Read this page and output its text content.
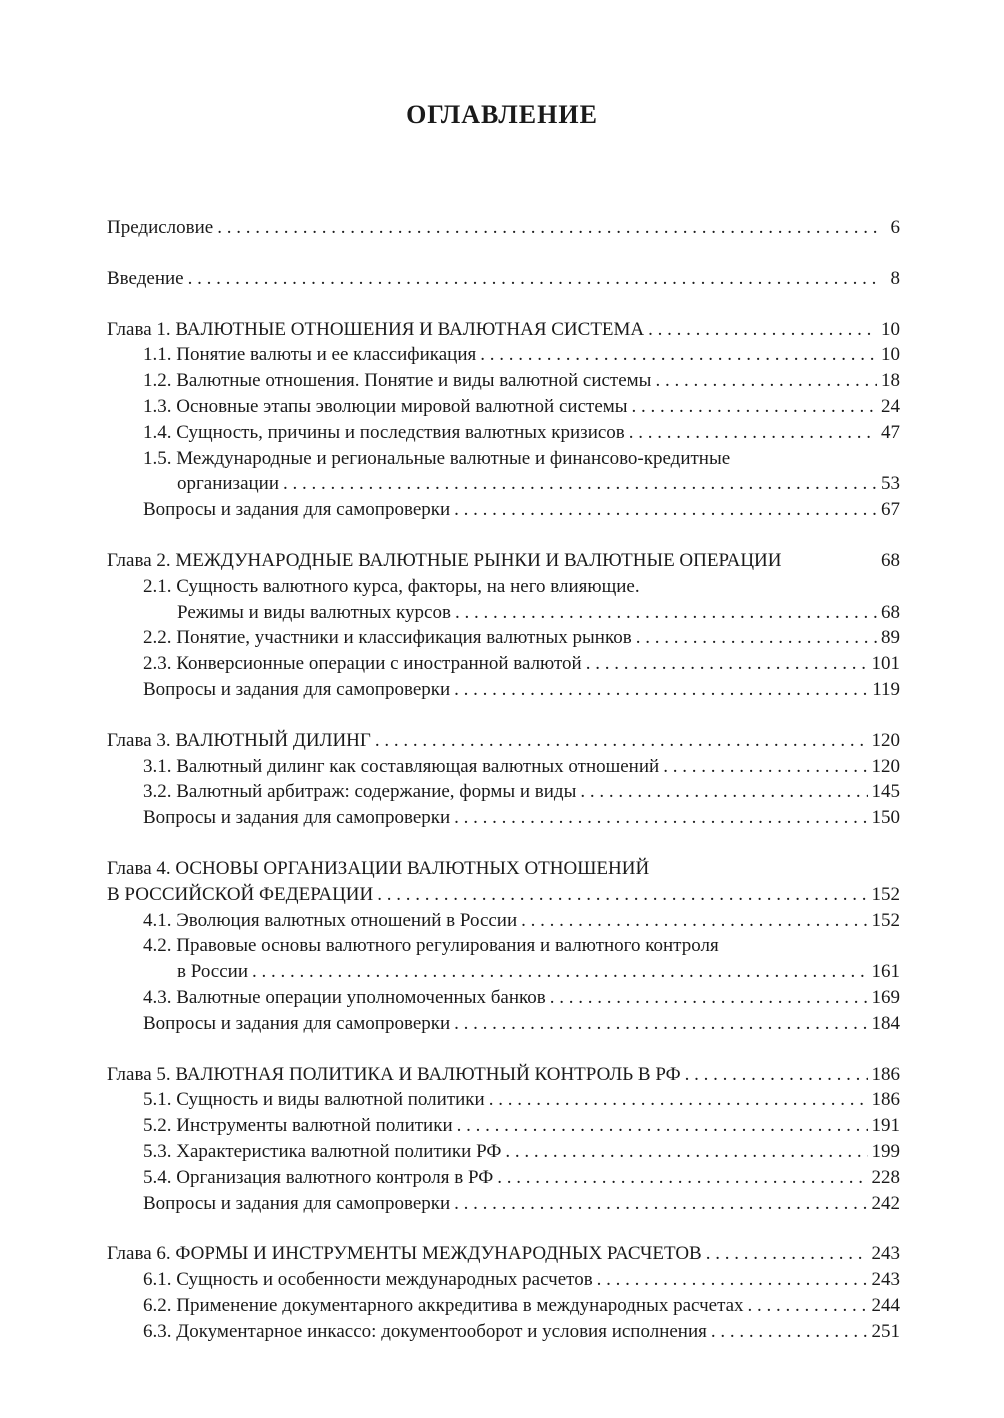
ОГЛАВЛЕНИЕ
Предисловие . . .	6
Введение . . .	8
Глава 1. ВАЛЮТНЫЕ ОТНОШЕНИЯ И ВАЛЮТНАЯ СИСТЕМА . . .	10
1.1. Понятие валюты и ее классификация . . .	10
1.2. Валютные отношения. Понятие и виды валютной системы . . .	18
1.3. Основные этапы эволюции мировой валютной системы . . .	24
1.4. Сущность, причины и последствия валютных кризисов . . .	47
1.5. Международные и региональные валютные и финансово-кредитные
организации . . .	53
Вопросы и задания для самопроверки . . .	67
Глава 2. МЕЖДУНАРОДНЫЕ ВАЛЮТНЫЕ РЫНКИ И ВАЛЮТНЫЕ ОПЕРАЦИИ	68
2.1. Сущность валютного курса, факторы, на него влияющие.
Режимы и виды валютных курсов . . .	68
2.2. Понятие, участники и классификация валютных рынков . . .	89
2.3. Конверсионные операции с иностранной валютой . . .	101
Вопросы и задания для самопроверки . . .	119
Глава 3. ВАЛЮТНЫЙ ДИЛИНГ . . .	120
3.1. Валютный дилинг как составляющая валютных отношений . . .	120
3.2. Валютный арбитраж: содержание, формы и виды . . .	145
Вопросы и задания для самопроверки . . .	150
Глава 4. ОСНОВЫ ОРГАНИЗАЦИИ ВАЛЮТНЫХ ОТНОШЕНИЙ
В РОССИЙСКОЙ ФЕДЕРАЦИИ . . .	152
4.1. Эволюция валютных отношений в России . . .	152
4.2. Правовые основы валютного регулирования и валютного контроля
в России . . .	161
4.3. Валютные операции уполномоченных банков . . .	169
Вопросы и задания для самопроверки . . .	184
Глава 5. ВАЛЮТНАЯ ПОЛИТИКА И ВАЛЮТНЫЙ КОНТРОЛЬ В РФ . . .	186
5.1. Сущность и виды валютной политики . . .	186
5.2. Инструменты валютной политики . . .	191
5.3. Характеристика валютной политики РФ . . .	199
5.4. Организация валютного контроля в РФ . . .	228
Вопросы и задания для самопроверки . . .	242
Глава 6. ФОРМЫ И ИНСТРУМЕНТЫ МЕЖДУНАРОДНЫХ РАСЧЕТОВ . . .	243
6.1. Сущность и особенности международных расчетов . . .	243
6.2. Применение документарного аккредитива в международных расчетах . . .	244
6.3. Документарное инкассо: документооборот и условия исполнения . . .	251
